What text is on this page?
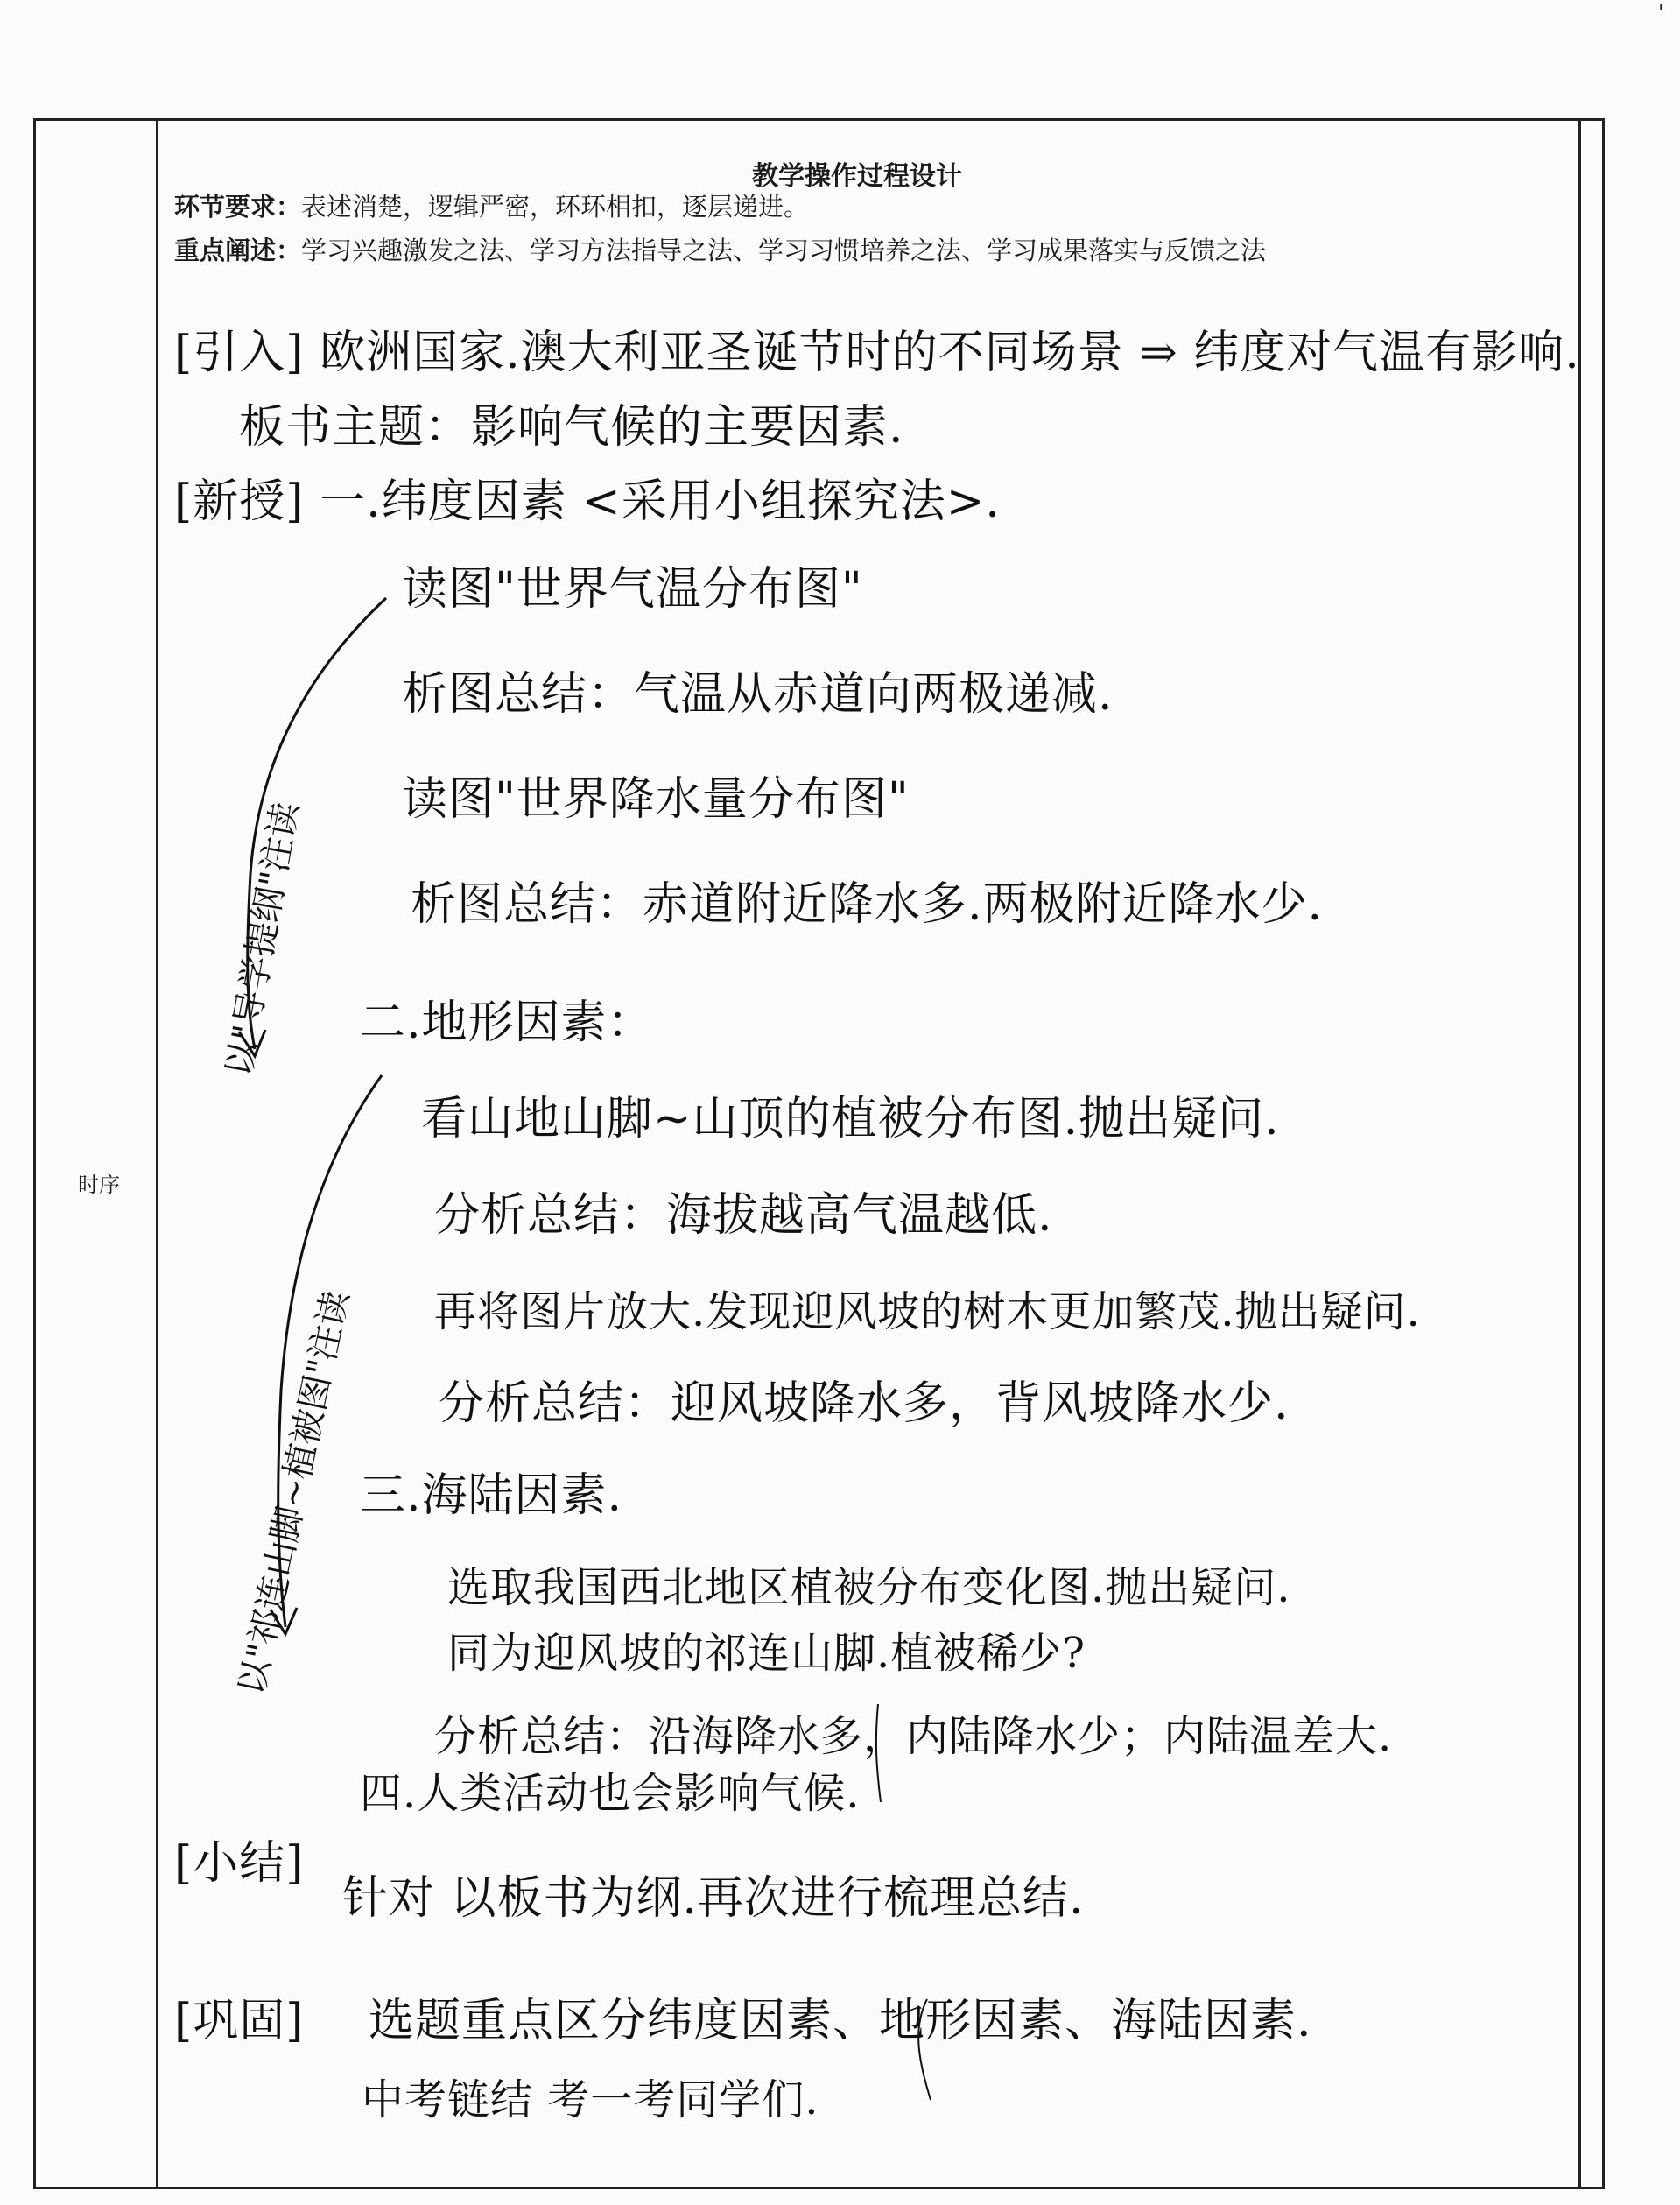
'
时序
教学操作过程设计
环节要求：表述消楚，逻辑严密，环环相扣，逐层递进。
重点阐述：学习兴趣激发之法、学习方法指导之法、学习习惯培养之法、学习成果落实与反馈之法
[引入] 欧洲国家.澳大利亚圣诞节时的不同场景 ⇒ 纬度对气温有影响.
板书主题：影响气候的主要因素.
[新授] 一.纬度因素 <采用小组探究法>.
读图"世界气温分布图"
析图总结：气温从赤道向两极递减.
读图"世界降水量分布图"
析图总结：赤道附近降水多.两极附近降水少.
二.地形因素：
看山地山脚~山顶的植被分布图.抛出疑问.
分析总结：海拔越高气温越低.
再将图片放大.发现迎风坡的树木更加繁茂.抛出疑问.
分析总结：迎风坡降水多，背风坡降水少.
三.海陆因素.
选取我国西北地区植被分布变化图.抛出疑问.
同为迎风坡的祁连山脚.植被稀少?
分析总结：沿海降水多，内陆降水少；内陆温差大.
四.人类活动也会影响气候.
[小结]
针对 以板书为纲.再次进行梳理总结.
[巩固] 选题重点区分纬度因素、地形因素、海陆因素.
中考链结 考一考同学们.
以"导学提纲"注读
以"祁连山脚~植被图"注读
